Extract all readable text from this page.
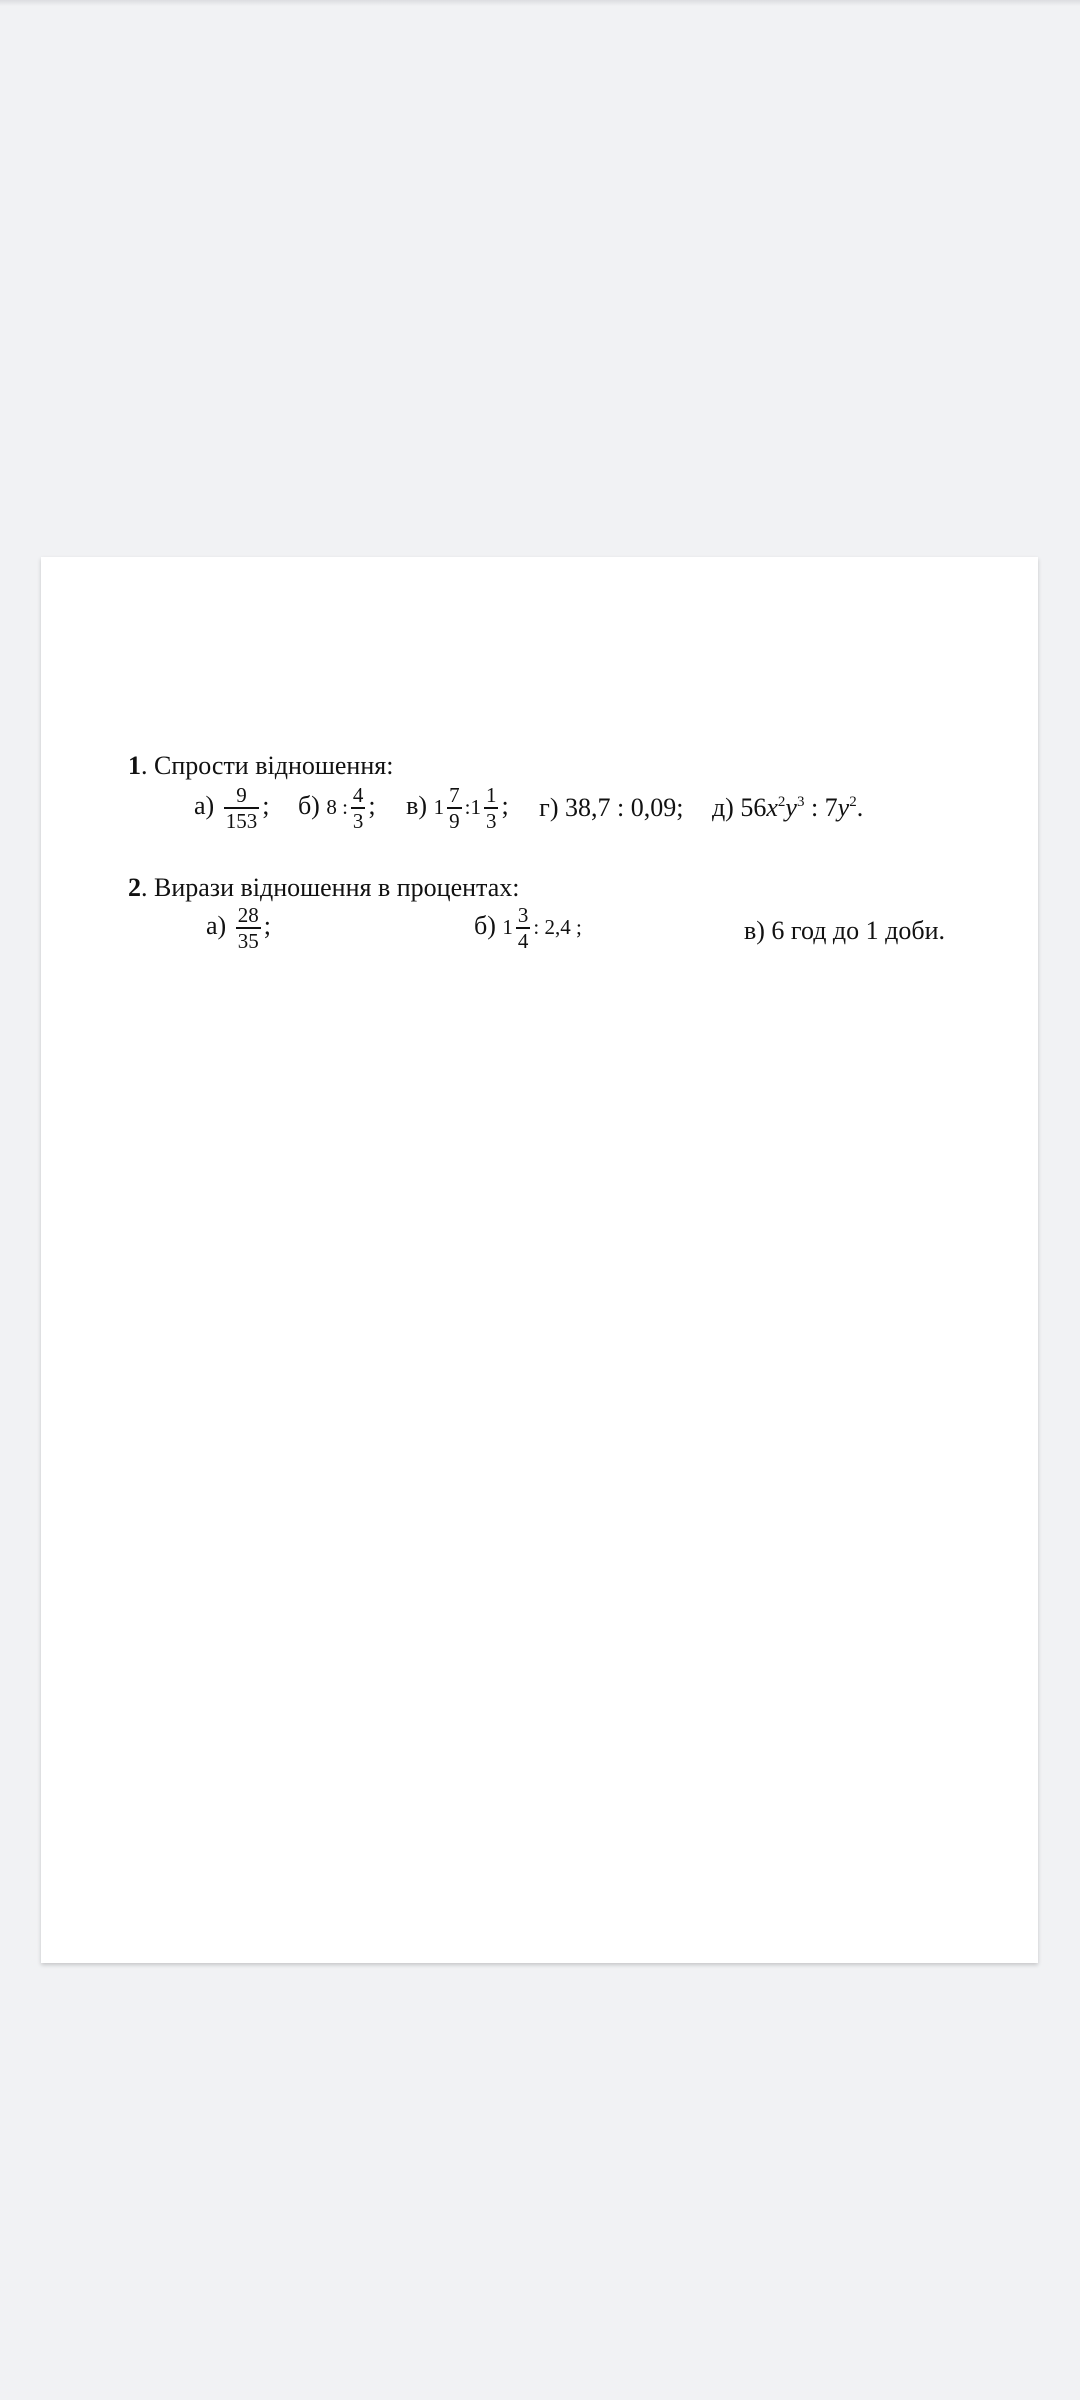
1. Спрости відношення:
$а) \frac{9}{153}$ ; б) 8 : $\frac{4}{3}$ ; в) $1 \frac{7}{9}$ :1 $\frac{1}{3}$ ; г) 38,7 : 0,09; д) $56x^2y^3$ : $7y^2$.
2. Вирази відношення в процентах:
$а) \frac{28}{35}$ ;	б) $1 \frac{3}{4}$ : 2,4 ;	в) 6 год до 1 доби.
